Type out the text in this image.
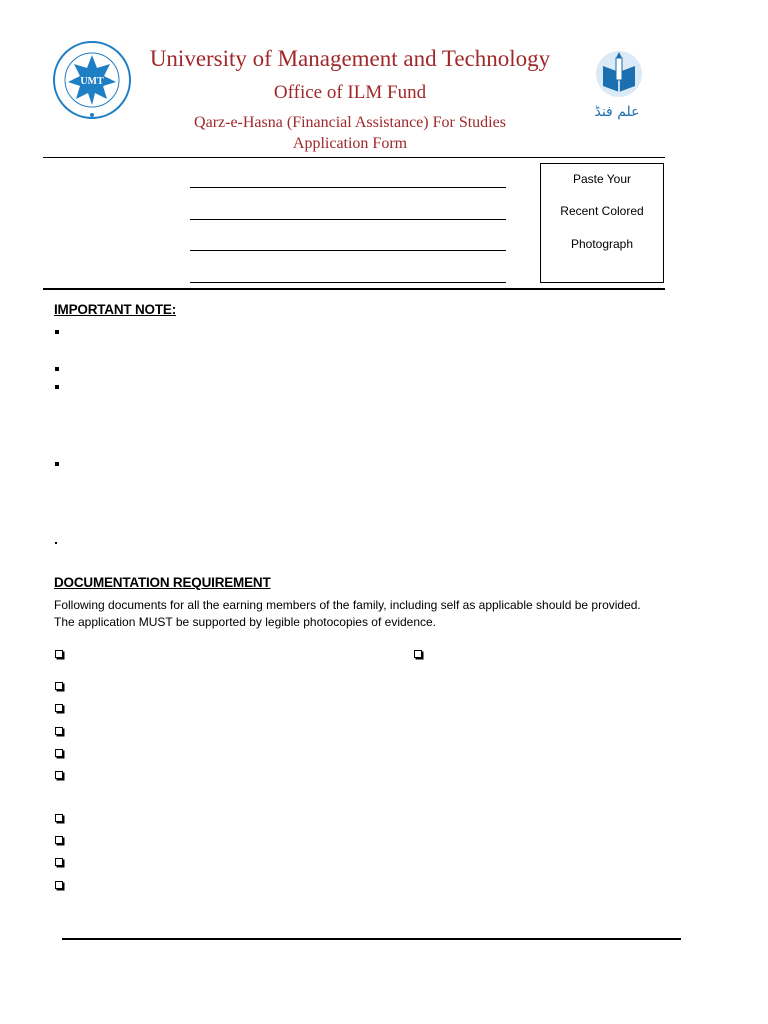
UMT
علم فنڈ
University of Management and Technology
Office of ILM Fund
Qarz-e-Hasna (Financial Assistance) For Studies
Application Form
Paste Your
Recent Colored
Photograph
IMPORTANT NOTE:
DOCUMENTATION REQUIREMENT
Following documents for all the earning members of the family, including self as applicable should be provided.
The application MUST be supported by legible photocopies of evidence.
